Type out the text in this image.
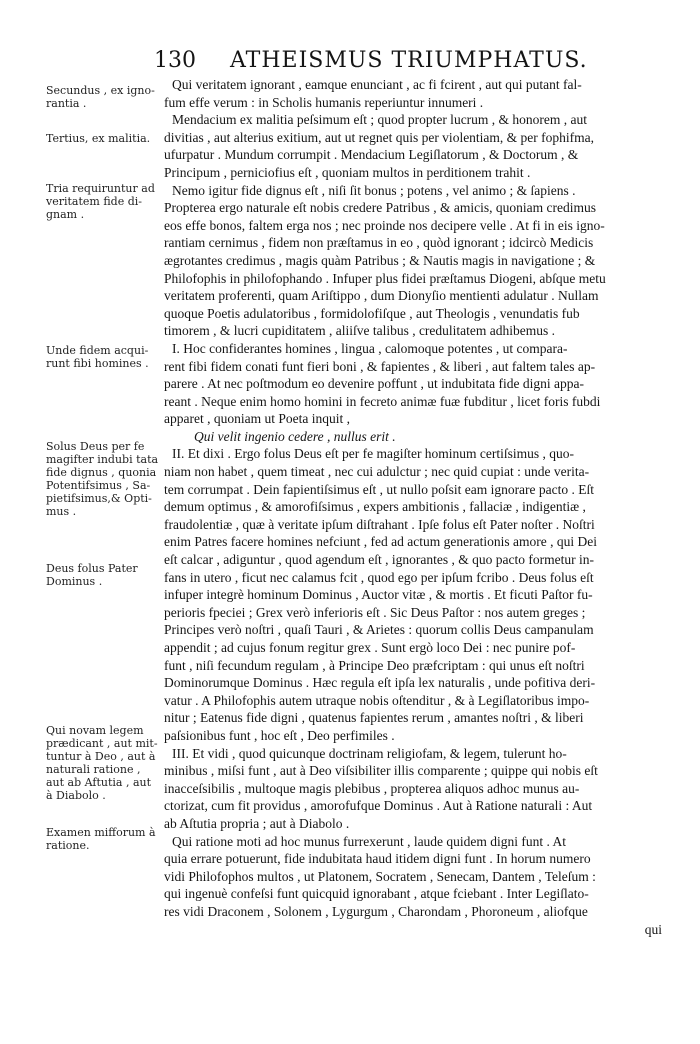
130 ATHEISMUS TRIUMPHATUS.
Secundus , ex ignο-
rantia .
Tertius, ex malitia.
Tria requiruntur ad
veritatem fide di-
gnam .
Unde fidem acqui-
runt fibi homines .
Solus Deus per fe
magifter indubi tata
fide dignus , quonia
Potentifsimus , Sa-
pietifsimus,& Opti-
mus .
Deus folus Pater
Dominus .
Qui novam legem
prædicant , aut mit-
tuntur à Deo , aut à
naturali ratione ,
aut ab Aftutia , aut
à Diabolo .
Examen mifforum à
ratione.
Qui veritatem ignorant , eamque enunciant , ac fi fcirent , aut qui putant fal-
fum effe verum : in Scholis humanis reperiuntur innumeri .
Mendacium ex malitia peſsimum eſt ; quod propter lucrum , & honorem , aut
divitias , aut alterius exitium, aut ut regnet quis per violentiam, & per fophifma,
ufurpatur . Mundum corrumpit . Mendacium Legiſlatorum , & Doctorum , &
Principum , perniciofius eſt , quoniam multos in perditionem trahit .
Nemo igitur fide dignus eſt , niſi ſit bonus ; potens , vel animo ; & ſapiens .
Propterea ergo naturale eſt nobis credere Patribus , & amicis, quoniam credimus
eos effe bonos, faltem erga nos ; nec proinde nos decipere velle . At fi in eis igno-
rantiam cernimus , fidem non præſtamus in eo , quòd ignorant ; idcircò Medicis
ægrotantes credimus , magis quàm Patribus ; & Nautis magis in navigatione ; &
Philofophis in philofophando . Infuper plus fidei præſtamus Diogeni, abſque metu
veritatem proferenti, quam Ariſtippo , dum Dionyſio mentienti adulatur . Nullam
quoque Poetis adulatoribus , formidolofiſque , aut Theologis , venundatis fub
timorem , & lucri cupiditatem , aliiſve talibus , credulitatem adhibemus .
I. Hoc confiderantes homines , lingua , calomoque potentes , ut compara-
rent fibi fidem conati funt fieri boni , & fapientes , & liberi , aut faltem tales ap-
parere . At nec poſtmodum eo devenire poffunt , ut indubitata fide digni appa-
reant . Neque enim homo homini in fecreto animæ fuæ fubditur , licet foris fubdi
apparet , quoniam ut Poeta inquit ,
Qui velit ingenio cedere , nullus erit .
II. Et dixi . Ergo folus Deus eſt per fe magiſter hominum certiſsimus , quo-
niam non habet , quem timeat , nec cui adulctur ; nec quid cupiat : unde verita-
tem corrumpat . Dein fapientiſsimus eſt , ut nullo poſsit eam ignorare pacto . Eſt
demum optimus , & amorofiſsimus , expers ambitionis , fallaciæ , indigentiæ ,
fraudolentiæ , quæ à veritate ipſum diſtrahant . Ipſe folus eſt Pater noſter . Noſtri
enim Patres facere homines nefciunt , fed ad actum generationis amore , qui Dei
eſt calcar , adiguntur , quod agendum eſt , ignorantes , & quo pacto formetur in-
fans in utero , ficut nec calamus fcit , quod ego per ipſum fcribo . Deus folus eſt
infuper integrè hominum Dominus , Auctor vitæ , & mortis . Et ficuti Paſtor fu-
perioris fpeciei ; Grex verò inferioris eſt . Sic Deus Paſtor : nos autem greges ;
Principes verò noſtri , quaſi Tauri , & Arietes : quorum collis Deus campanulam
appendit ; ad cujus fonum regitur grex . Sunt ergò loco Dei : nec punire pof-
funt , niſi fecundum regulam , à Principe Deo præfcriptam : qui unus eſt noſtri
Dominorumque Dominus . Hæc regula eſt ipſa lex naturalis , unde pofitiva deri-
vatur . A Philofophis autem utraque nobis oſtenditur , & à Legiſlatoribus impo-
nitur ; Eatenus fide digni , quatenus fapientes rerum , amantes noſtri , & liberi
paſsionibus funt , hoc eſt , Deo perfimiles .
III. Et vidi , quod quicunque doctrinam religiofam, & legem, tulerunt ho-
minibus , miſsi funt , aut à Deo viſsibiliter illis comparente ; quippe qui nobis eſt
inacceſsibilis , multoque magis plebibus , propterea aliquos adhoc munus au-
ctorizat, cum fit providus , amorofufque Dominus . Aut à Ratione naturali : Aut
ab Aſtutia propria ; aut à Diabolo .
Qui ratione moti ad hoc munus furrexerunt , laude quidem digni funt . At
quia errare potuerunt, fide indubitata haud itidem digni funt . In horum numero
vidi Philofophos multos , ut Platonem, Socratem , Senecam, Dantem , Teleſum :
qui ingenuè confeſsi funt quicquid ignorabant , atque fciebant . Inter Legiſlato-
res vidi Draconem , Solonem , Lygurgum , Charondam , Phoroneum , aliofque
qui
